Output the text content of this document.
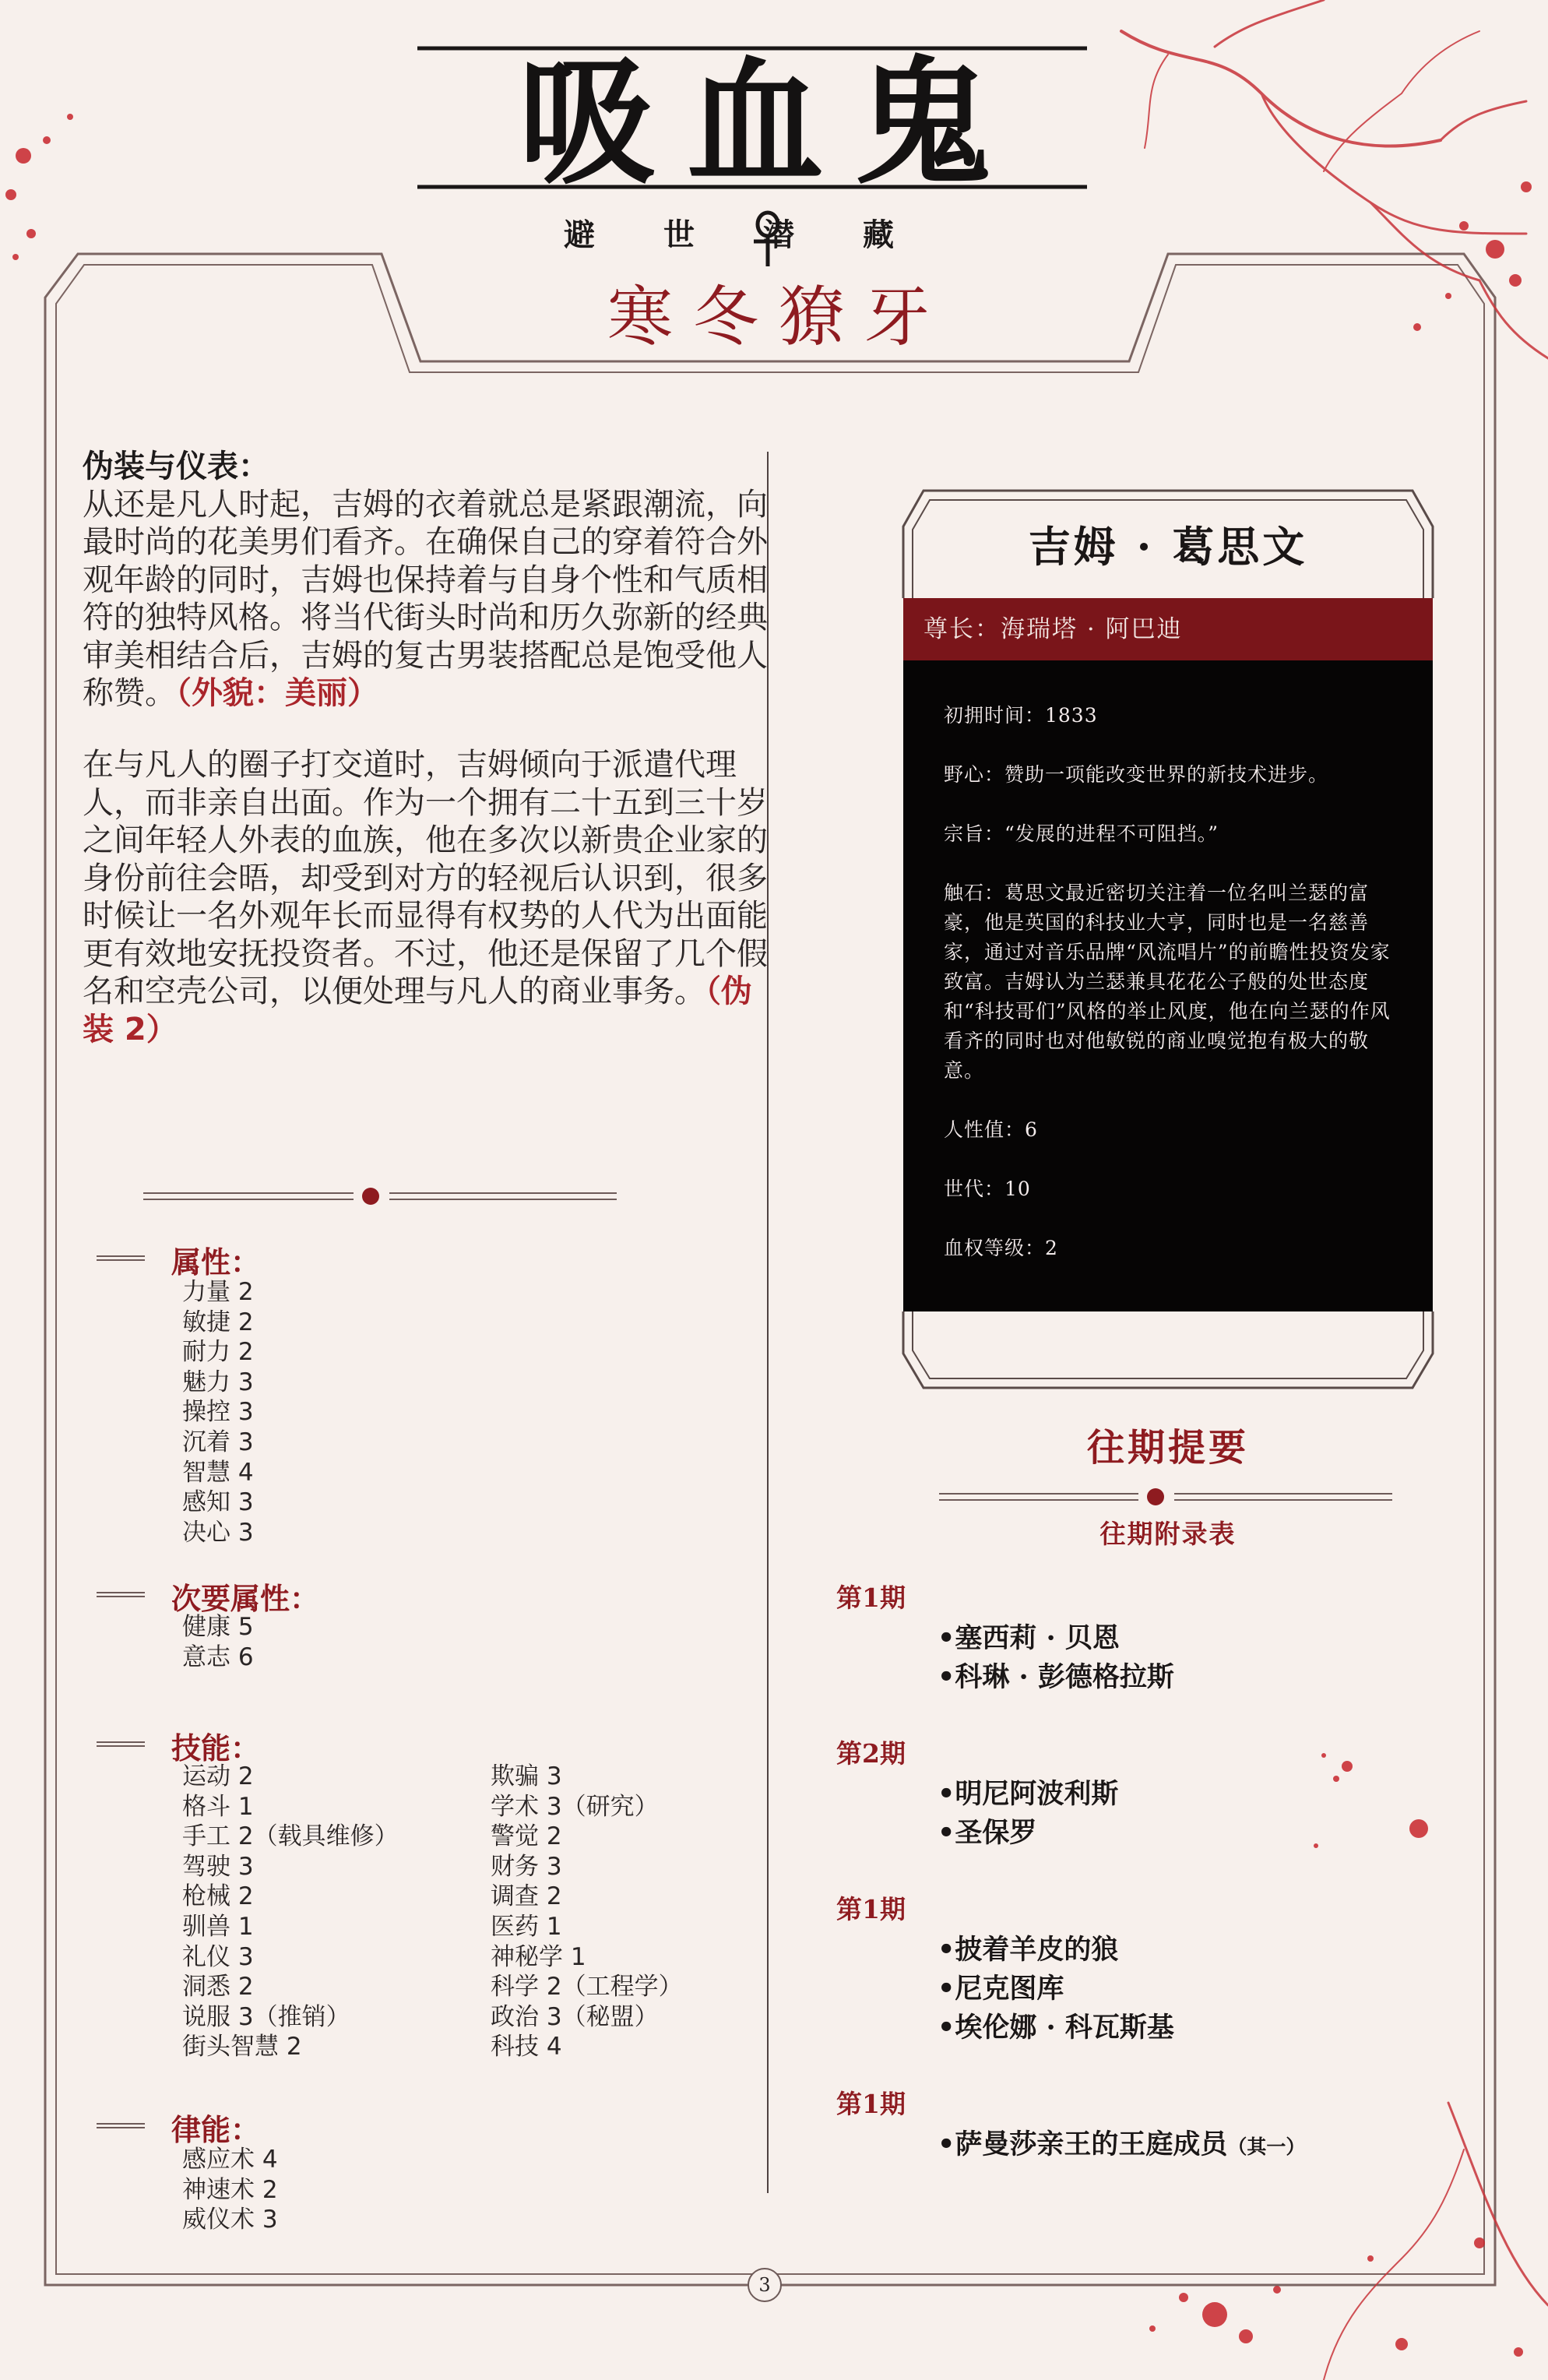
吸血鬼
避世潜藏
寒冬獠牙
伪装与仪表：
从还是凡人时起，吉姆的衣着就总是紧跟潮流，向最时尚的花美男们看齐。在确保自己的穿着符合外观年龄的同时，吉姆也保持着与自身个性和气质相符的独特风格。将当代街头时尚和历久弥新的经典审美相结合后，吉姆的复古男装搭配总是饱受他人称赞。（外貌：美丽）
在与凡人的圈子打交道时，吉姆倾向于派遣代理人，而非亲自出面。作为一个拥有二十五到三十岁之间年轻人外表的血族，他在多次以新贵企业家的身份前往会晤，却受到对方的轻视后认识到，很多时候让一名外观年长而显得有权势的人代为出面能更有效地安抚投资者。不过，他还是保留了几个假名和空壳公司，以便处理与凡人的商业事务。（伪装 2）
属性：
力量 2
敏捷 2
耐力 2
魅力 3
操控 3
沉着 3
智慧 4
感知 3
决心 3
次要属性：
健康 5
意志 6
技能：
运动 2
格斗 1
手工 2（载具维修）
驾驶 3
枪械 2
驯兽 1
礼仪 3
洞悉 2
说服 3（推销）
街头智慧 2
欺骗 3
学术 3（研究）
警觉 2
财务 3
调查 2
医药 1
神秘学 1
科学 2（工程学）
政治 3（秘盟）
科技 4
律能：
感应术 4
神速术 2
威仪术 3
吉姆 · 葛思文
尊长：海瑞塔 · 阿巴迪

初拥时间：1833

野心：赞助一项能改变世界的新技术进步。

宗旨：“发展的进程不可阻挡。”

触石：葛思文最近密切关注着一位名叫兰瑟的富豪，他是英国的科技业大亨，同时也是一名慈善家，通过对音乐品牌“风流唱片”的前瞻性投资发家致富。吉姆认为兰瑟兼具花花公子般的处世态度和“科技哥们”风格的举止风度，他在向兰瑟的作风看齐的同时也对他敏锐的商业嗅觉抱有极大的敬意。

人性值：6

世代：10

血权等级：2

往期提要
往期附录表
第1期
•塞西莉 · 贝恩
•科琳 · 彭德格拉斯
第2期
•明尼阿波利斯
•圣保罗
第1期
•披着羊皮的狼
•尼克图库
•埃伦娜 · 科瓦斯基
第1期
•萨曼莎亲王的王庭成员（其一）
3
